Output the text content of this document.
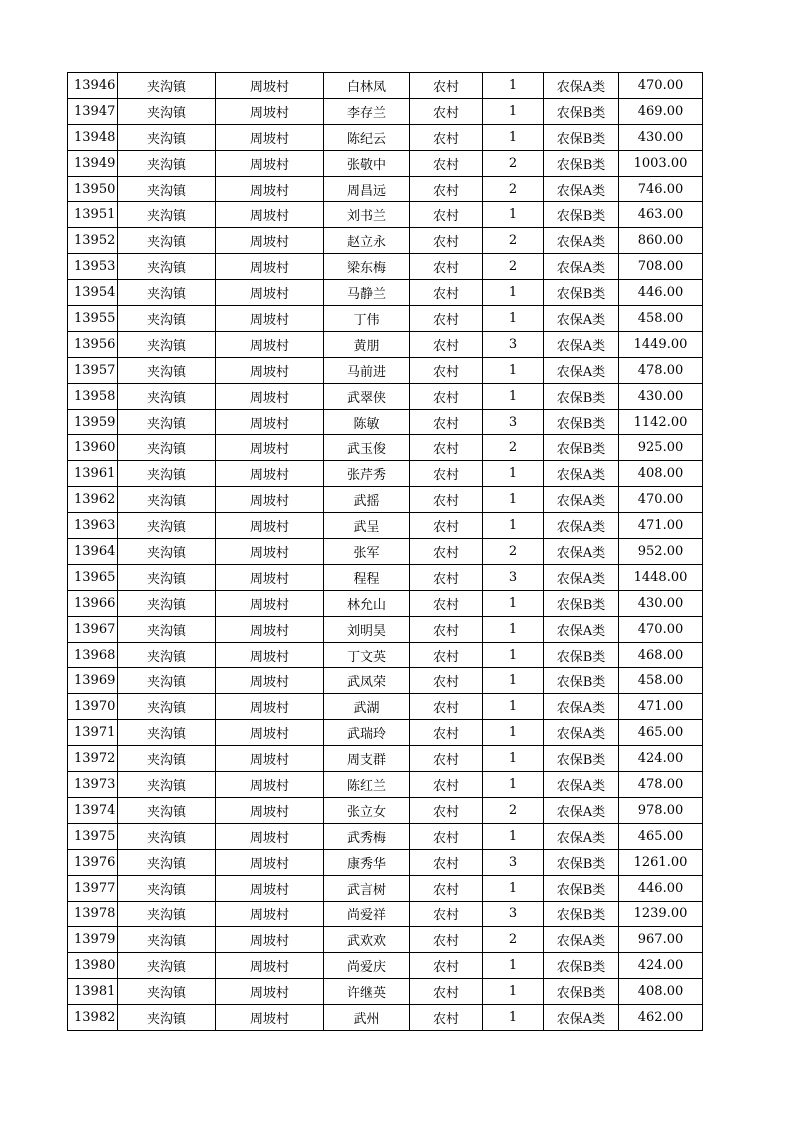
13946	夹沟镇	周坡村	白林凤	农村	1	农保A类	470.00
13947	夹沟镇	周坡村	李存兰	农村	1	农保B类	469.00
13948	夹沟镇	周坡村	陈纪云	农村	1	农保B类	430.00
13949	夹沟镇	周坡村	张敬中	农村	2	农保B类	1003.00
13950	夹沟镇	周坡村	周昌远	农村	2	农保A类	746.00
13951	夹沟镇	周坡村	刘书兰	农村	1	农保B类	463.00
13952	夹沟镇	周坡村	赵立永	农村	2	农保A类	860.00
13953	夹沟镇	周坡村	梁东梅	农村	2	农保A类	708.00
13954	夹沟镇	周坡村	马静兰	农村	1	农保B类	446.00
13955	夹沟镇	周坡村	丁伟	农村	1	农保A类	458.00
13956	夹沟镇	周坡村	黄朋	农村	3	农保A类	1449.00
13957	夹沟镇	周坡村	马前进	农村	1	农保A类	478.00
13958	夹沟镇	周坡村	武翠侠	农村	1	农保B类	430.00
13959	夹沟镇	周坡村	陈敏	农村	3	农保B类	1142.00
13960	夹沟镇	周坡村	武玉俊	农村	2	农保B类	925.00
13961	夹沟镇	周坡村	张芹秀	农村	1	农保A类	408.00
13962	夹沟镇	周坡村	武摇	农村	1	农保A类	470.00
13963	夹沟镇	周坡村	武呈	农村	1	农保A类	471.00
13964	夹沟镇	周坡村	张军	农村	2	农保A类	952.00
13965	夹沟镇	周坡村	程程	农村	3	农保A类	1448.00
13966	夹沟镇	周坡村	林允山	农村	1	农保B类	430.00
13967	夹沟镇	周坡村	刘明昊	农村	1	农保A类	470.00
13968	夹沟镇	周坡村	丁文英	农村	1	农保B类	468.00
13969	夹沟镇	周坡村	武凤荣	农村	1	农保B类	458.00
13970	夹沟镇	周坡村	武湖	农村	1	农保A类	471.00
13971	夹沟镇	周坡村	武瑞玲	农村	1	农保A类	465.00
13972	夹沟镇	周坡村	周支群	农村	1	农保B类	424.00
13973	夹沟镇	周坡村	陈红兰	农村	1	农保A类	478.00
13974	夹沟镇	周坡村	张立女	农村	2	农保A类	978.00
13975	夹沟镇	周坡村	武秀梅	农村	1	农保A类	465.00
13976	夹沟镇	周坡村	康秀华	农村	3	农保B类	1261.00
13977	夹沟镇	周坡村	武言树	农村	1	农保B类	446.00
13978	夹沟镇	周坡村	尚爱祥	农村	3	农保B类	1239.00
13979	夹沟镇	周坡村	武欢欢	农村	2	农保A类	967.00
13980	夹沟镇	周坡村	尚爱庆	农村	1	农保B类	424.00
13981	夹沟镇	周坡村	许继英	农村	1	农保B类	408.00
13982	夹沟镇	周坡村	武州	农村	1	农保A类	462.00
